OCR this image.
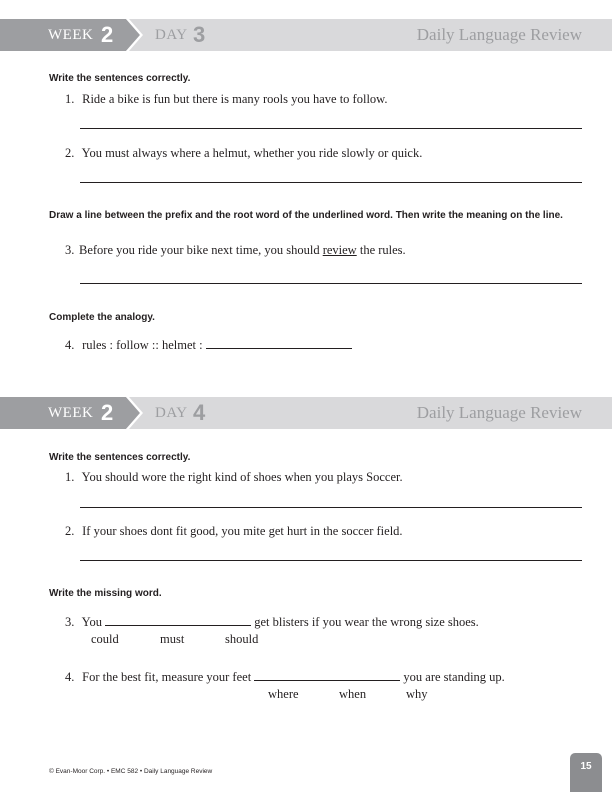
WEEK 2	DAY 3	Daily Language Review
Write the sentences correctly.
1. Ride a bike is fun but there is many rools you have to follow.
2. You must always where a helmut, whether you ride slowly or quick.
Draw a line between the prefix and the root word of the underlined word. Then write the meaning on the line.
3. Before you ride your bike next time, you should review the rules.
Complete the analogy.
4. rules : follow :: helmet :
WEEK 2	DAY 4	Daily Language Review
Write the sentences correctly.
1. You should wore the right kind of shoes when you plays Soccer.
2. If your shoes dont fit good, you mite get hurt in the soccer field.
Write the missing word.
3. You	get blisters if you wear the wrong size shoes.
could	must	should
4. For the best fit, measure your feet	you are standing up.
where	when	why
© Evan-Moor Corp. • EMC 582 • Daily Language Review	15
